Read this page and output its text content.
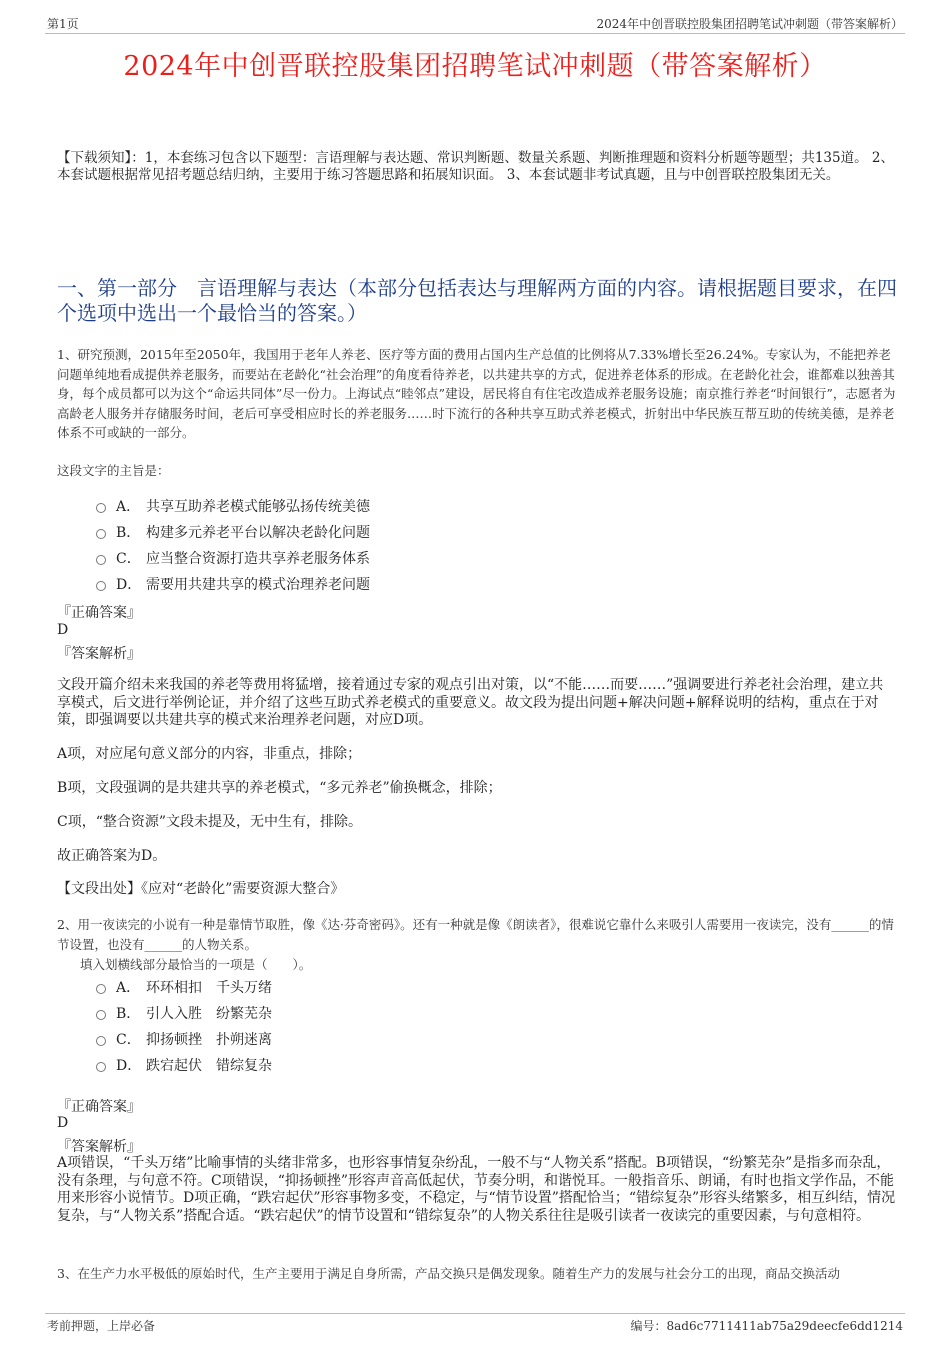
第1页	2024年中创晋联控股集团招聘笔试冲刺题（带答案解析）
2024年中创晋联控股集团招聘笔试冲刺题（带答案解析）
【下载须知】：1，本套练习包含以下题型：言语理解与表达题、常识判断题、数量关系题、判断推理题和资料分析题等题型；共135道。 2、本套试题根据常见招考题总结归纳，主要用于练习答题思路和拓展知识面。 3、本套试题非考试真题，且与中创晋联控股集团无关。
一、第一部分　言语理解与表达（本部分包括表达与理解两方面的内容。请根据题目要求，在四个选项中选出一个最恰当的答案。）
1、研究预测，2015年至2050年，我国用于老年人养老、医疗等方面的费用占国内生产总值的比例将从7.33%增长至26.24%。专家认为，不能把养老问题单纯地看成提供养老服务，而要站在老龄化“社会治理”的角度看待养老，以共建共享的方式，促进养老体系的形成。在老龄化社会，谁都难以独善其身，每个成员都可以为这个“命运共同体”尽一份力。上海试点“睦邻点”建设，居民将自有住宅改造成养老服务设施；南京推行养老“时间银行”，志愿者为高龄老人服务并存储服务时间，老后可享受相应时长的养老服务……时下流行的各种共享互助式养老模式，折射出中华民族互帮互助的传统美德，是养老体系不可或缺的一部分。
这段文字的主旨是：
A． 共享互助养老模式能够弘扬传统美德
B． 构建多元养老平台以解决老龄化问题
C． 应当整合资源打造共享养老服务体系
D． 需要用共建共享的模式治理养老问题
『正确答案』
D
『答案解析』
文段开篇介绍未来我国的养老等费用将猛增，接着通过专家的观点引出对策，以“不能……而要……”强调要进行养老社会治理，建立共享模式，后文进行举例论证，并介绍了这些互助式养老模式的重要意义。故文段为提出问题+解决问题+解释说明的结构，重点在于对策，即强调要以共建共享的模式来治理养老问题，对应D项。
A项，对应尾句意义部分的内容，非重点，排除；
B项，文段强调的是共建共享的养老模式，“多元养老”偷换概念，排除；
C项，“整合资源”文段未提及，无中生有，排除。
故正确答案为D。
【文段出处】《应对“老龄化”需要资源大整合》
2、用一夜读完的小说有一种是靠情节取胜，像《达·芬奇密码》。还有一种就是像《朗读者》，很难说它靠什么来吸引人需要用一夜读完，没有______的情节设置，也没有______的人物关系。
填入划横线部分最恰当的一项是（　　）。
A． 环环相扣　千头万绪
B． 引人入胜　纷繁芜杂
C． 抑扬顿挫　扑朔迷离
D． 跌宕起伏　错综复杂
『正确答案』
D
『答案解析』
A项错误，“千头万绪”比喻事情的头绪非常多，也形容事情复杂纷乱，一般不与“人物关系”搭配。B项错误，“纷繁芜杂”是指多而杂乱，没有条理，与句意不符。C项错误，“抑扬顿挫”形容声音高低起伏，节奏分明，和谐悦耳。一般指音乐、朗诵，有时也指文学作品，不能用来形容小说情节。D项正确，“跌宕起伏”形容事物多变，不稳定，与“情节设置”搭配恰当；“错综复杂”形容头绪繁多，相互纠结，情况复杂，与“人物关系”搭配合适。“跌宕起伏”的情节设置和“错综复杂”的人物关系往往是吸引读者一夜读完的重要因素，与句意相符。
3、在生产力水平极低的原始时代，生产主要用于满足自身所需，产品交换只是偶发现象。随着生产力的发展与社会分工的出现，商品交换活动
考前押题，上岸必备	编号：8ad6c7711411ab75a29deecfe6dd1214
